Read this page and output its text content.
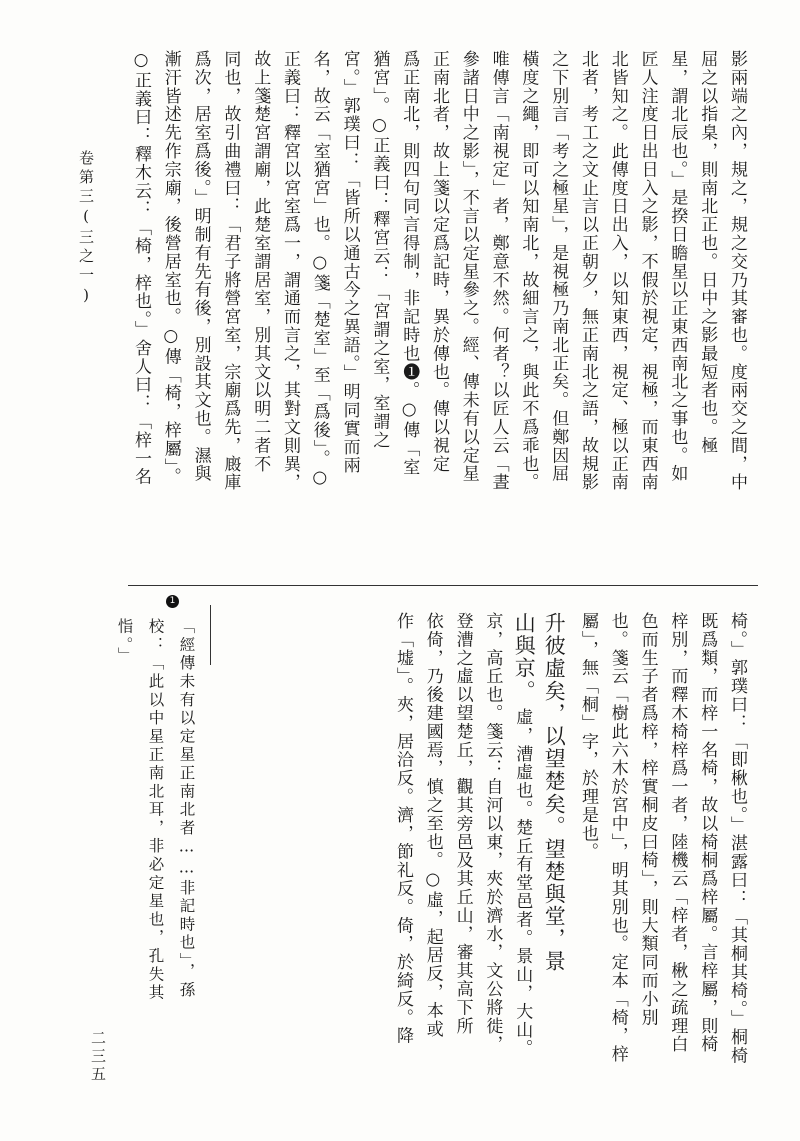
影兩端之內，規之，規之交乃其審也。度兩交之間，中
屈之以指臬，則南北正也。日中之影最短者也。極
星，謂北辰也。」是揆日瞻星以正東西南北之事也。如
匠人注度日出日入之影，不假於視定，視極，而東西南
北皆知之。此傳度日出入，以知東西，視定、極以正南
北者，考工之文止言以正朝夕，無正南北之語，故規影
之下別言「考之極星」，是視極乃南北正矣。但鄭因屈
橫度之繩，即可以知南北，故細言之，與此不爲乖也。
唯傳言「南視定」者，鄭意不然。何者？以匠人云「晝
參諸日中之影」，不言以定星參之。經、傳未有以定星
正南北者，故上箋以定爲記時，異於傳也。傳以視定
爲正南北，則四句同言得制，非記時也❶。○傳「室
猶宮」。○正義曰：釋宮云：「宮謂之室，室謂之
宮。」郭璞曰：「皆所以通古今之異語。」明同實而兩
名，故云「室猶宮」也。○箋「楚室」至「爲後」。○
正義曰：釋宮以宮室爲一，謂通而言之，其對文則異，
故上箋楚宮謂廟，此楚室謂居室，別其文以明二者不
同也，故引曲禮曰：「君子將營宮室，宗廟爲先，廄庫
爲次，居室爲後。」明制有先有後，別設其文也。濕與
漸汗皆述先作宗廟，後營居室也。○傳「椅，梓屬」。
○正義曰：釋木云：「椅，梓也。」舍人曰：「梓一名
椅。」郭璞曰：「即楸也。」湛露曰：「其桐其椅。」桐椅
既爲類，而梓一名椅，故以椅桐爲梓屬。言梓屬，則椅
梓別，而釋木椅梓爲一者，陸機云「梓者，楸之疏理白
色而生子者爲梓，梓實桐皮曰椅」，則大類同而小別
也。箋云「樹此六木於宮中」，明其別也。定本「椅，梓
屬」，無「桐」字，於理是也。
升彼虛矣，以望楚矣。
望楚與堂，景
山與京。
虛，漕虛也。楚丘有堂邑者。景山，大山。
京，高丘也。箋云：自河以東，夾於濟水，文公將徙，
登漕之虛以望楚丘，觀其旁邑及其丘山，審其高下所
依倚，乃後建國焉，慎之至也。○虛，起居反，本或
作「墟」。夾，居洽反。濟，節礼反。倚，於綺反。降
1
「經傳未有以定星正南北者……非記時也」，孫
校：「此以中星正南北耳，非必定星也，孔失其
恉。」
卷第三(三之一)
二三五
